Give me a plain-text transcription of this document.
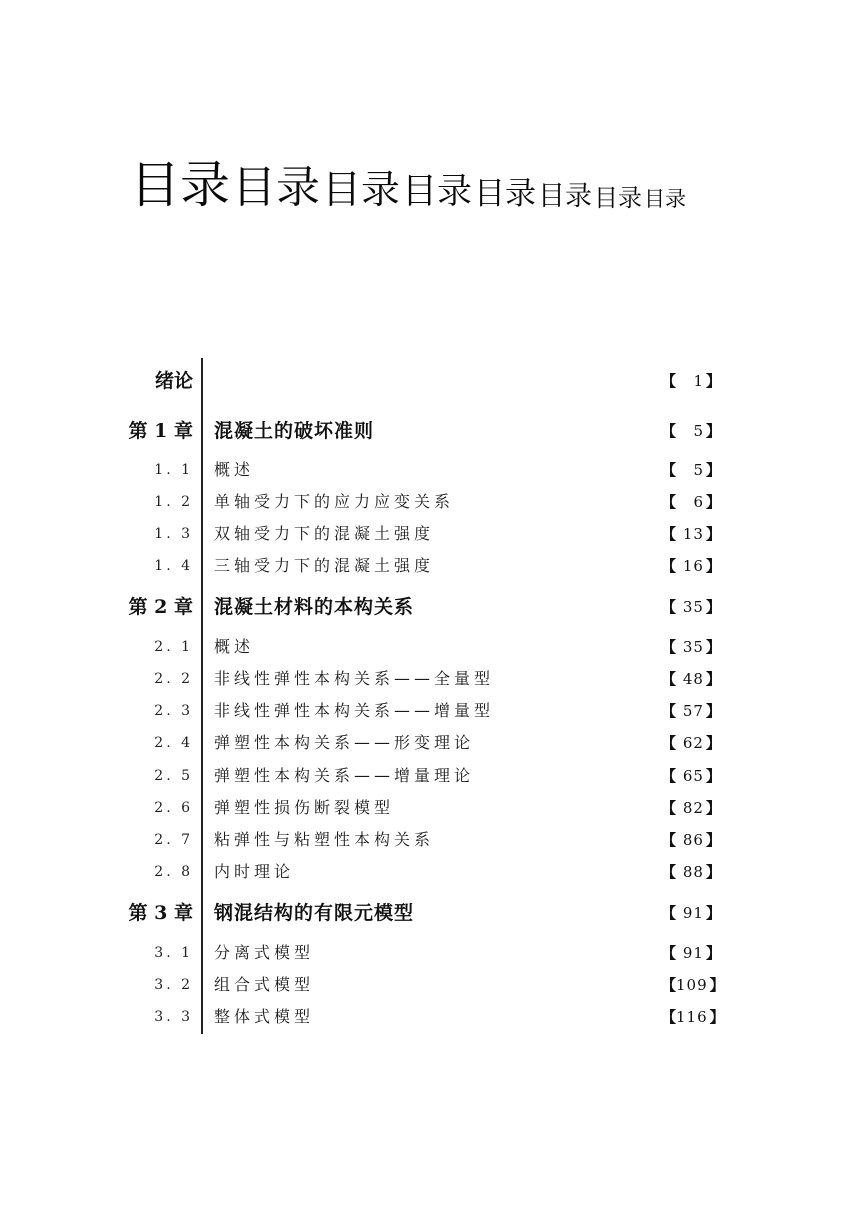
目录 目录 目录 目录 目录 目录 目录 目录
绪论	【	1 】
第 1 章 混凝土的破坏准则	【	5 】
1. 1 概述	【	5 】
1. 2 单轴受力下的应力应变关系	【	6 】
1. 3 双轴受力下的混凝土强度	【 13 】
1. 4 三轴受力下的混凝土强度	【 16 】
第 2 章 混凝土材料的本构关系	【 35 】
2. 1 概述	【 35 】
2. 2 非线性弹性本构关系——全量型	【 48 】
2. 3 非线性弹性本构关系——增量型	【 57 】
2. 4 弹塑性本构关系——形变理论	【 62 】
2. 5 弹塑性本构关系——增量理论	【 65 】
2. 6 弹塑性损伤断裂模型	【 82 】
2. 7 粘弹性与粘塑性本构关系	【 86 】
2. 8 内时理论	【 88 】
第 3 章 钢混结构的有限元模型	【 91 】
3. 1 分离式模型	【 91 】
3. 2 组合式模型	【 109 】
3. 3 整体式模型	【 116 】
